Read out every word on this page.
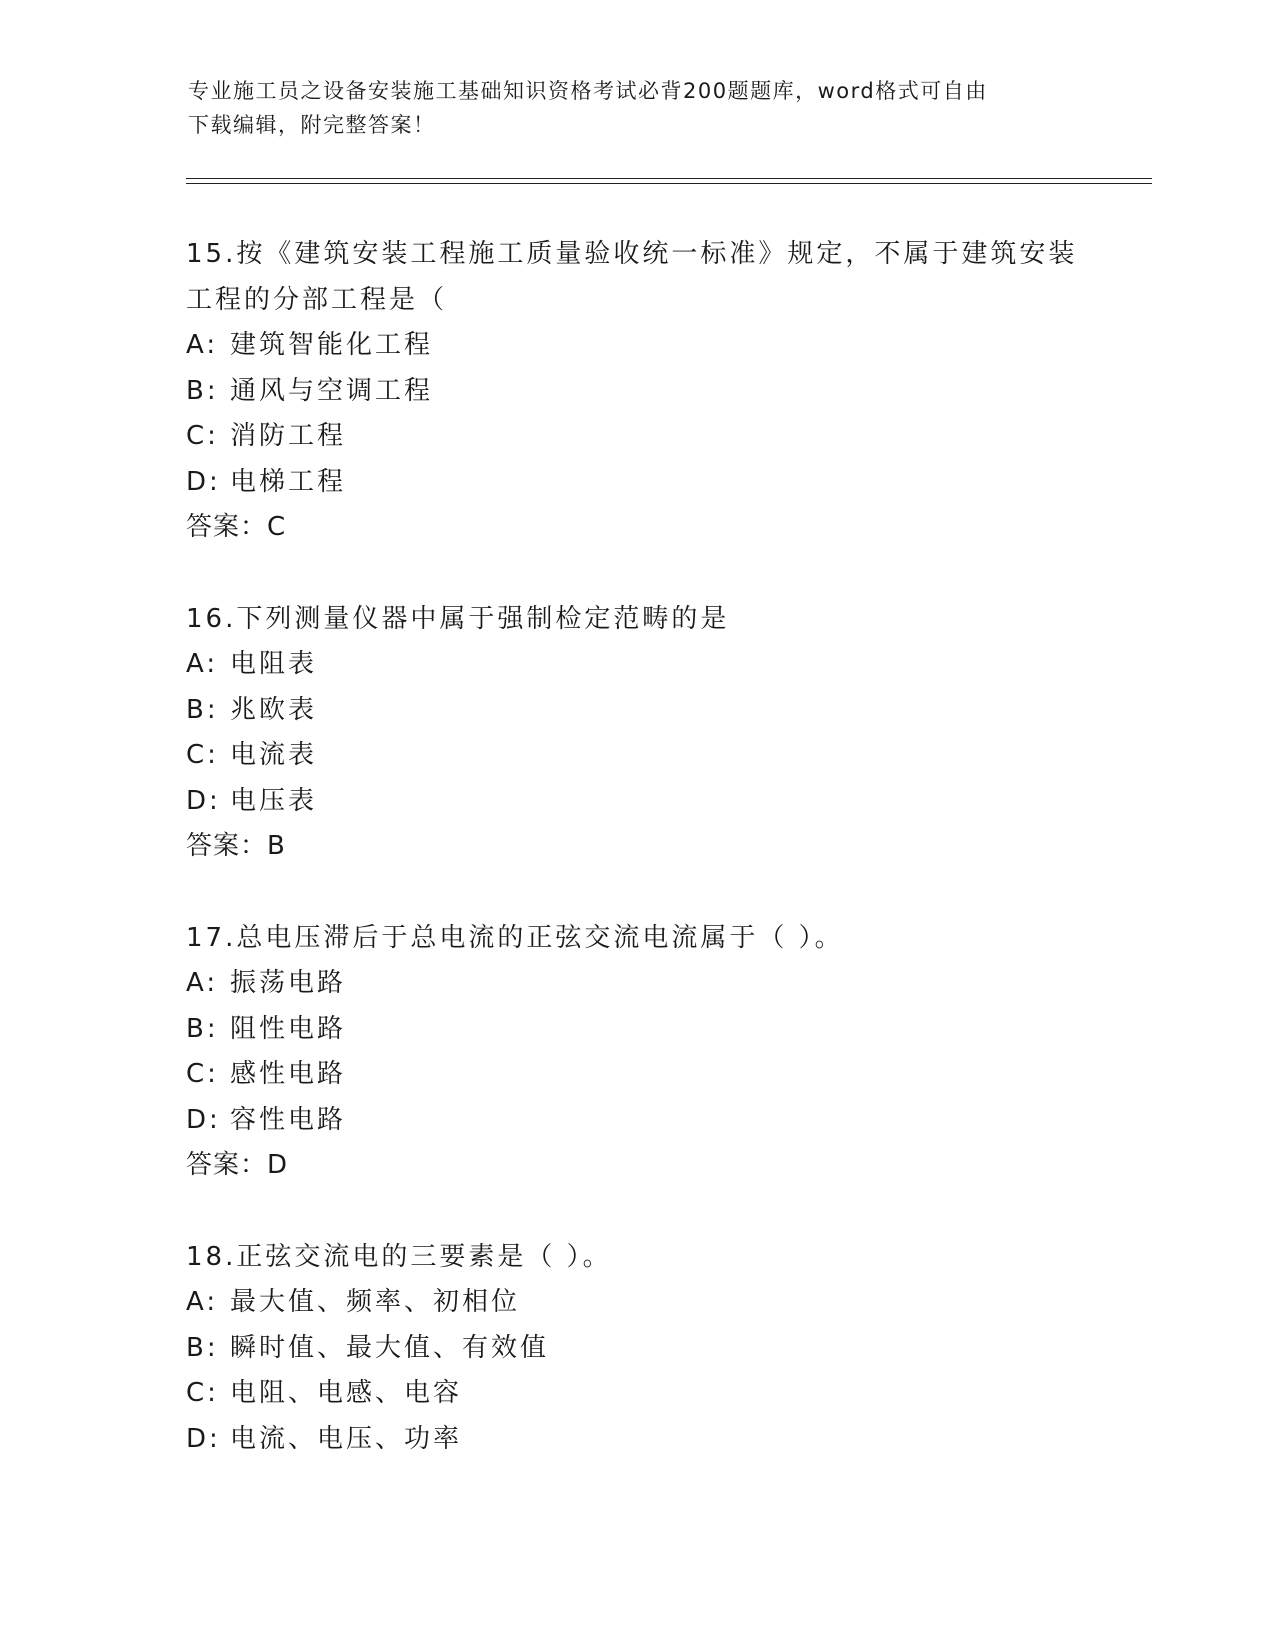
专业施工员之设备安装施工基础知识资格考试必背200题题库，word格式可自由
下载编辑，附完整答案！
15.按《建筑安装工程施工质量验收统一标准》规定，不属于建筑安装
工程的分部工程是（
A: 建筑智能化工程
B: 通风与空调工程
C: 消防工程
D: 电梯工程
答案：C
16.下列测量仪器中属于强制检定范畴的是
A: 电阻表
B: 兆欧表
C: 电流表
D: 电压表
答案：B
17.总电压滞后于总电流的正弦交流电流属于（ ）。
A: 振荡电路
B: 阻性电路
C: 感性电路
D: 容性电路
答案：D
18.正弦交流电的三要素是（ ）。
A: 最大值、频率、初相位
B: 瞬时值、最大值、有效值
C: 电阻、电感、电容
D: 电流、电压、功率
